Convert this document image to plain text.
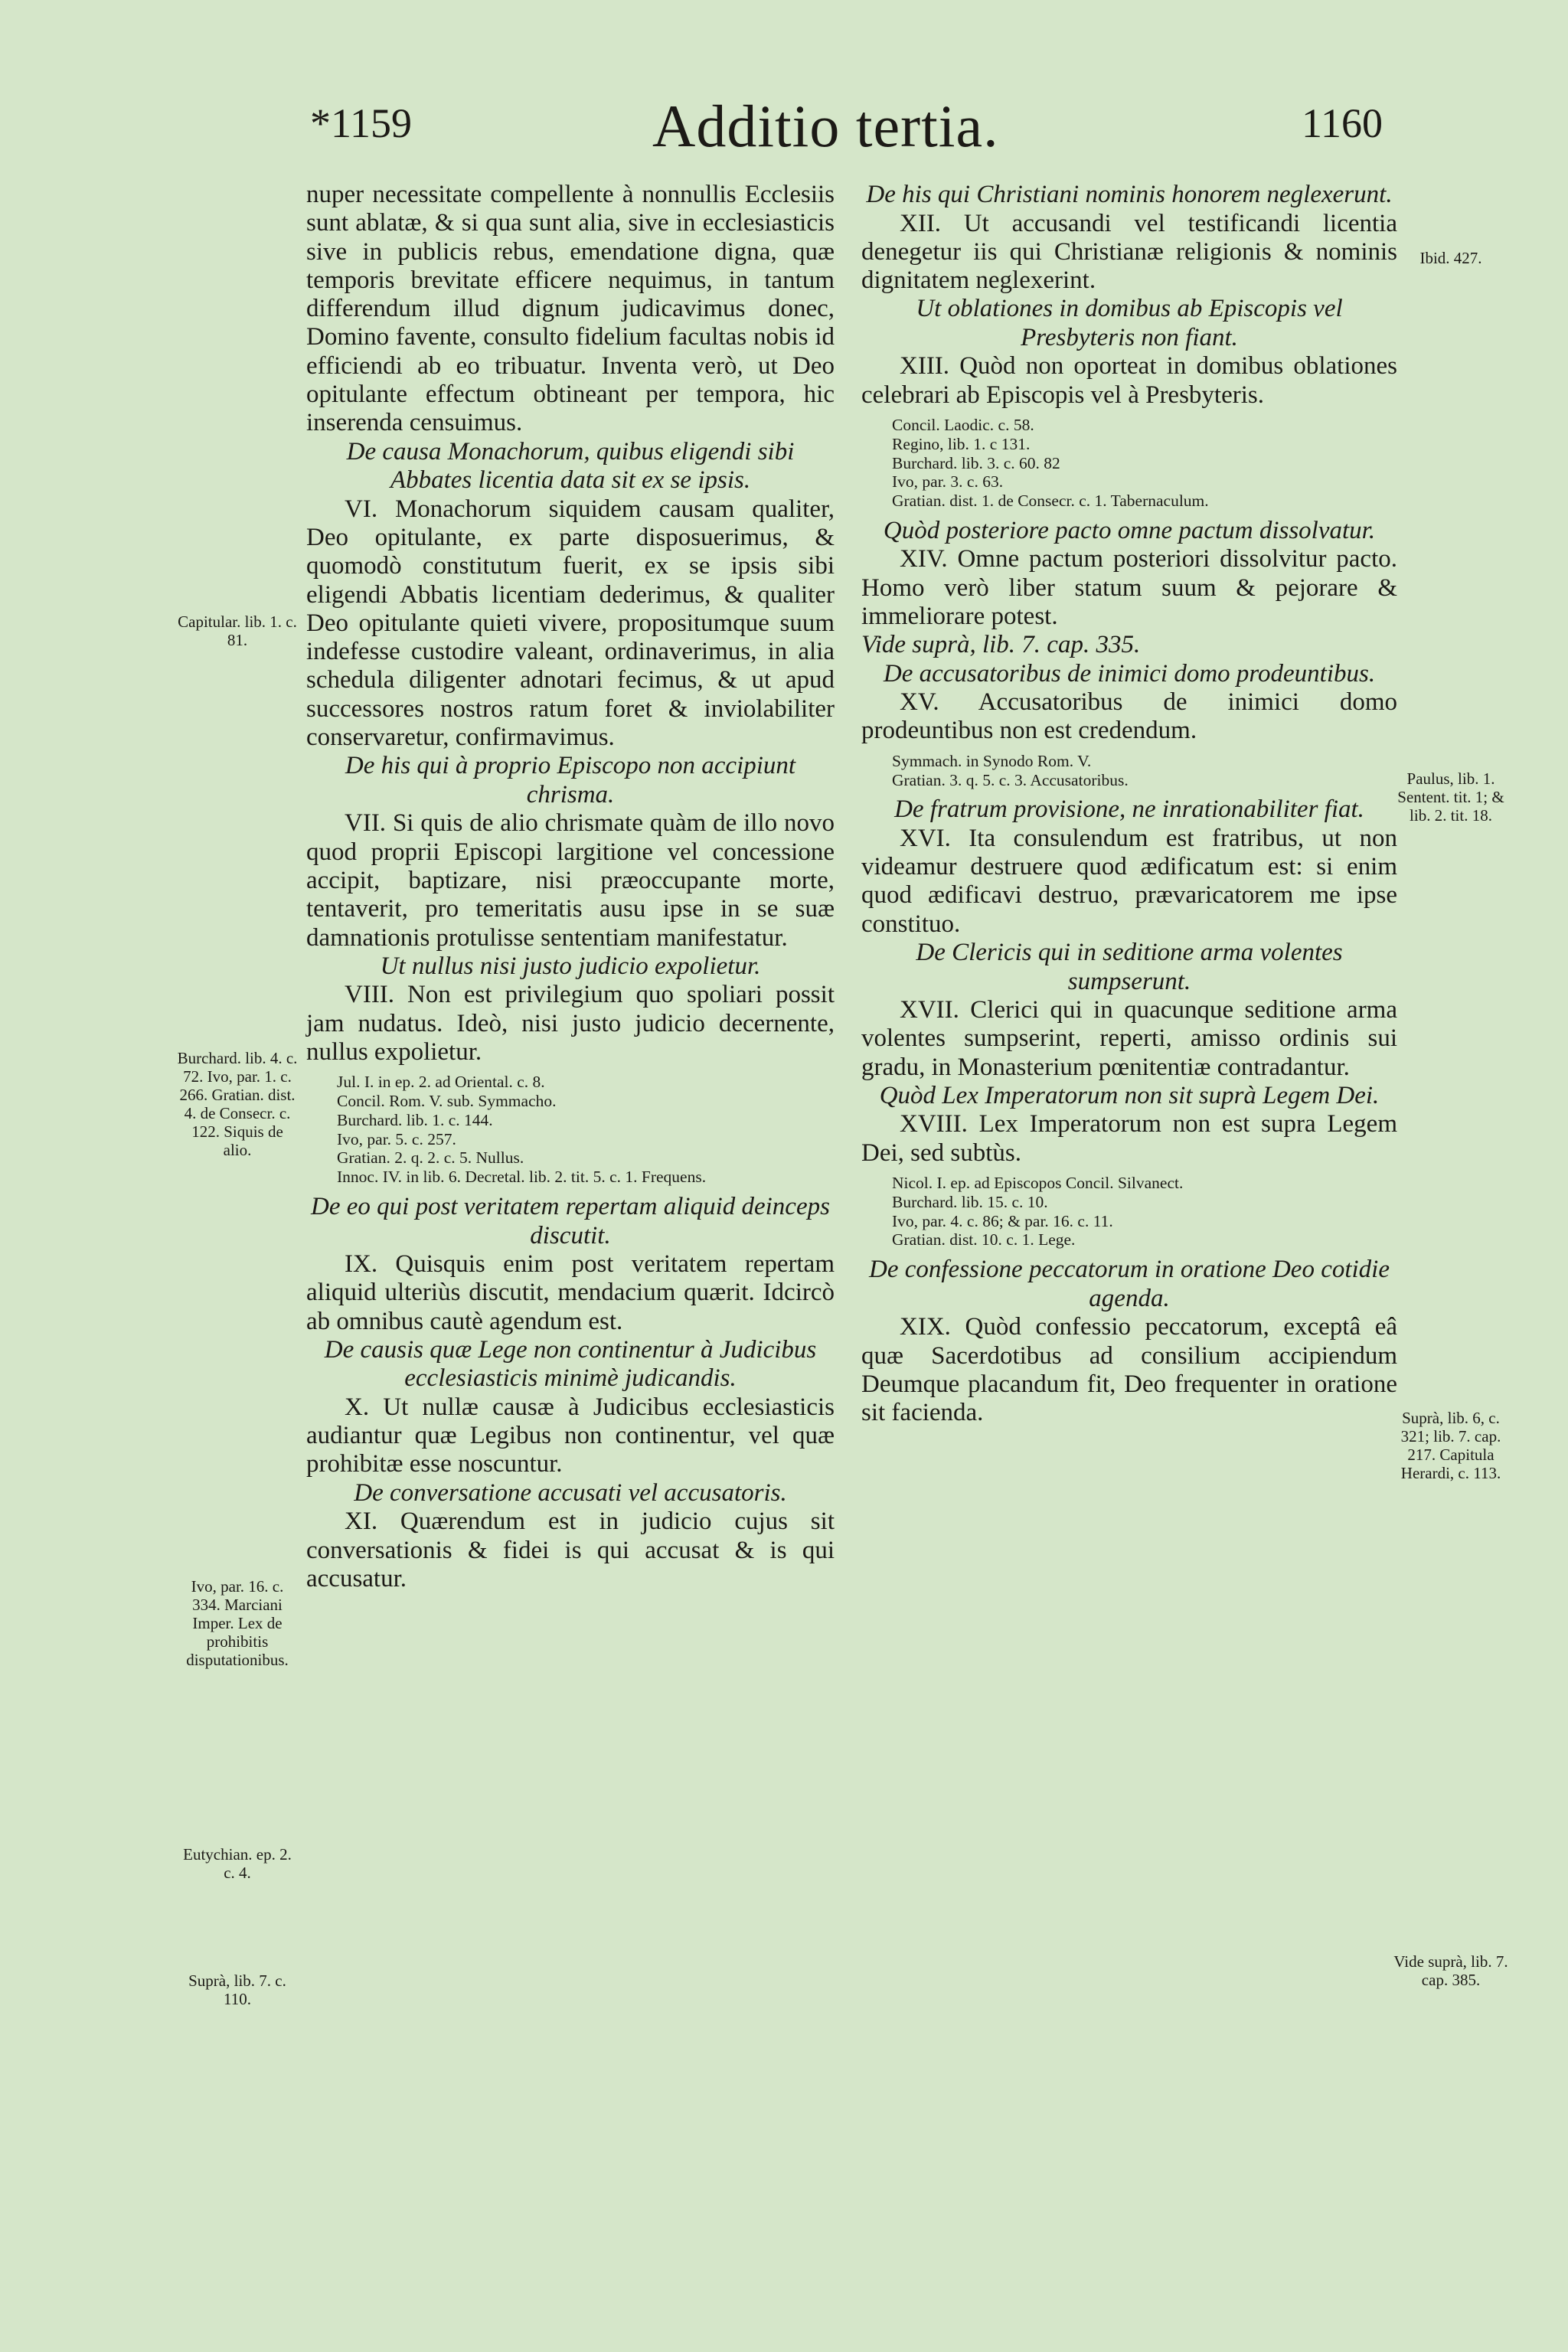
*1159	Additio tertia.	1160
Capitular. lib. 1. c. 81.
Burchard. lib. 4. c. 72. Ivo, par. 1. c. 266. Gratian. dist. 4. de Consecr. c. 122. Siquis de alio.
Ivo, par. 16. c. 334. Marciani Imper. Lex de prohibitis disputationibus.
Eutychian. ep. 2. c. 4.
Suprà, lib. 7. c. 110.
Ibid. 427.
Paulus, lib. 1. Sentent. tit. 1; & lib. 2. tit. 18.
Suprà, lib. 6, c. 321; lib. 7. cap. 217. Capitula Herardi, c. 113.
Vide suprà, lib. 7. cap. 385.

nuper necessitate compellente à nonnullis Ecclesiis sunt ablatæ, & si qua sunt alia, sive in ecclesiasticis sive in publicis rebus, emendatione digna, quæ temporis brevitate efficere nequimus, in tantum differendum illud dignum judicavimus donec, Domino favente, consulto fidelium facultas nobis id efficiendi ab eo tribuatur. Inventa verò, ut Deo opitulante effectum obtineant per tempora, hic inserenda censuimus.

De causa Monachorum, quibus eligendi sibi Abbates licentia data sit ex se ipsis.

VI. Monachorum siquidem causam qualiter, Deo opitulante, ex parte disposuerimus, & quomodò constitutum fuerit, ex se ipsis sibi eligendi Abbatis licentiam dederimus, & qualiter Deo opitulante quieti vivere, propositumque suum indefesse custodire valeant, ordinaverimus, in alia schedula diligenter adnotari fecimus, & ut apud successores nostros ratum foret & inviolabiliter conservaretur, confirmavimus.

De his qui à proprio Episcopo non accipiunt chrisma.

VII. Si quis de alio chrismate quàm de illo novo quod proprii Episcopi largitione vel concessione accipit, baptizare, nisi præoccupante morte, tentaverit, pro temeritatis ausu ipse in se suæ damnationis protulisse sententiam manifestatur.

Ut nullus nisi justo judicio expolietur.

VIII. Non est privilegium quo spoliari possit jam nudatus. Ideò, nisi justo judicio decernente, nullus expolietur.

Jul. I. in ep. 2. ad Oriental. c. 8.
Concil. Rom. V. sub. Symmacho.
Burchard. lib. 1. c. 144.
Ivo, par. 5. c. 257.
Gratian. 2. q. 2. c. 5. Nullus.
Innoc. IV. in lib. 6. Decretal. lib. 2. tit. 5. c. 1. Frequens.

De eo qui post veritatem repertam aliquid deinceps discutit.

IX. Quisquis enim post veritatem repertam aliquid ulteriùs discutit, mendacium quærit. Idcircò ab omnibus cautè agendum est.

De causis quæ Lege non continentur à Judicibus ecclesiasticis minimè judicandis.

X. Ut nullæ causæ à Judicibus ecclesiasticis audiantur quæ Legibus non continentur, vel quæ prohibitæ esse noscuntur.

De conversatione accusati vel accusatoris.

XI. Quærendum est in judicio cujus sit conversationis & fidei is qui accusat & is qui accusatur.

De his qui Christiani nominis honorem neglexerunt.

XII. Ut accusandi vel testificandi licentia denegetur iis qui Christianæ religionis & nominis dignitatem neglexerint.

Ut oblationes in domibus ab Episcopis vel Presbyteris non fiant.

XIII. Quòd non oporteat in domibus oblationes celebrari ab Episcopis vel à Presbyteris.

Concil. Laodic. c. 58.
Regino, lib. 1. c 131.
Burchard. lib. 3. c. 60. 82
Ivo, par. 3. c. 63.
Gratian. dist. 1. de Consecr. c. 1. Tabernaculum.

Quòd posteriore pacto omne pactum dissolvatur.

XIV. Omne pactum posteriori dissolvitur pacto. Homo verò liber statum suum & pejorare & immeliorare potest.

Vide suprà, lib. 7. cap. 335.

De accusatoribus de inimici domo prodeuntibus.

XV. Accusatoribus de inimici domo prodeuntibus non est credendum.

Symmach. in Synodo Rom. V.
Gratian. 3. q. 5. c. 3. Accusatoribus.

De fratrum provisione, ne inrationabiliter fiat.

XVI. Ita consulendum est fratribus, ut non videamur destruere quod ædificatum est: si enim quod ædificavi destruo, prævaricatorem me ipse constituo.

De Clericis qui in seditione arma volentes sumpserunt.

XVII. Clerici qui in quacunque seditione arma volentes sumpserint, reperti, amisso ordinis sui gradu, in Monasterium pœnitentiæ contradantur.

Quòd Lex Imperatorum non sit suprà Legem Dei.

XVIII. Lex Imperatorum non est supra Legem Dei, sed subtùs.

Nicol. I. ep. ad Episcopos Concil. Silvanect.
Burchard. lib. 15. c. 10.
Ivo, par. 4. c. 86; & par. 16. c. 11.
Gratian. dist. 10. c. 1. Lege.

De confessione peccatorum in oratione Deo cotidie agenda.

XIX. Quòd confessio peccatorum, exceptâ eâ quæ Sacerdotibus ad consilium accipiendum Deumque placandum fit, Deo frequenter in oratione sit facienda.
